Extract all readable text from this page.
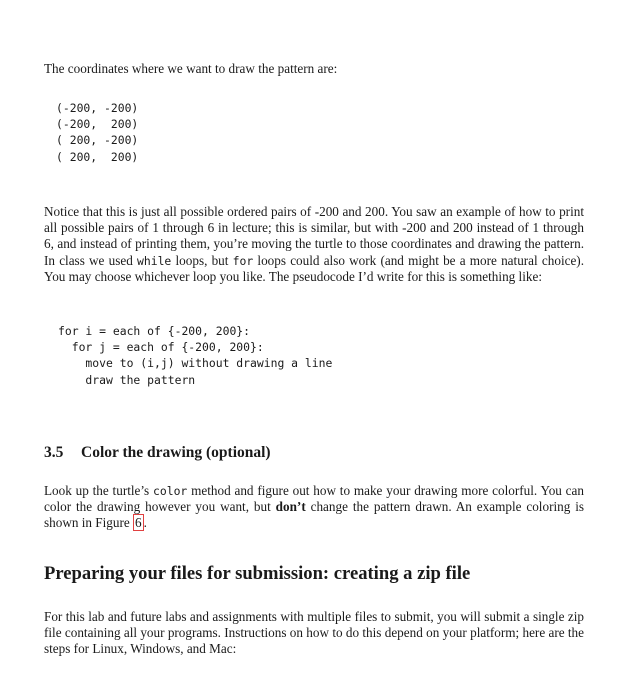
The coordinates where we want to draw the pattern are:

(-200, -200)
(-200,  200)
( 200, -200)
( 200,  200)

Notice that this is just all possible ordered pairs of -200 and 200. You saw an example of how to print all possible pairs of 1 through 6 in lecture; this is similar, but with -200 and 200 instead of 1 through 6, and instead of printing them, you’re moving the turtle to those coordinates and drawing the pattern. In class we used while loops, but for loops could also work (and might be a more natural choice). You may choose whichever loop you like. The pseudocode I’d write for this is something like:

for i = each of {-200, 200}:
for j = each of {-200, 200}:
move to (i,j) without drawing a line
draw the pattern
3.5 Color the drawing (optional)

Look up the turtle’s color method and figure out how to make your drawing more colorful. You can color the drawing however you want, but don’t change the pattern drawn. An example coloring is shown in Figure 6 .

Preparing your files for submission: creating a zip file

For this lab and future labs and assignments with multiple files to submit, you will submit a single zip file containing all your programs. Instructions on how to do this depend on your platform; here are the steps for Linux, Windows, and Mac:
